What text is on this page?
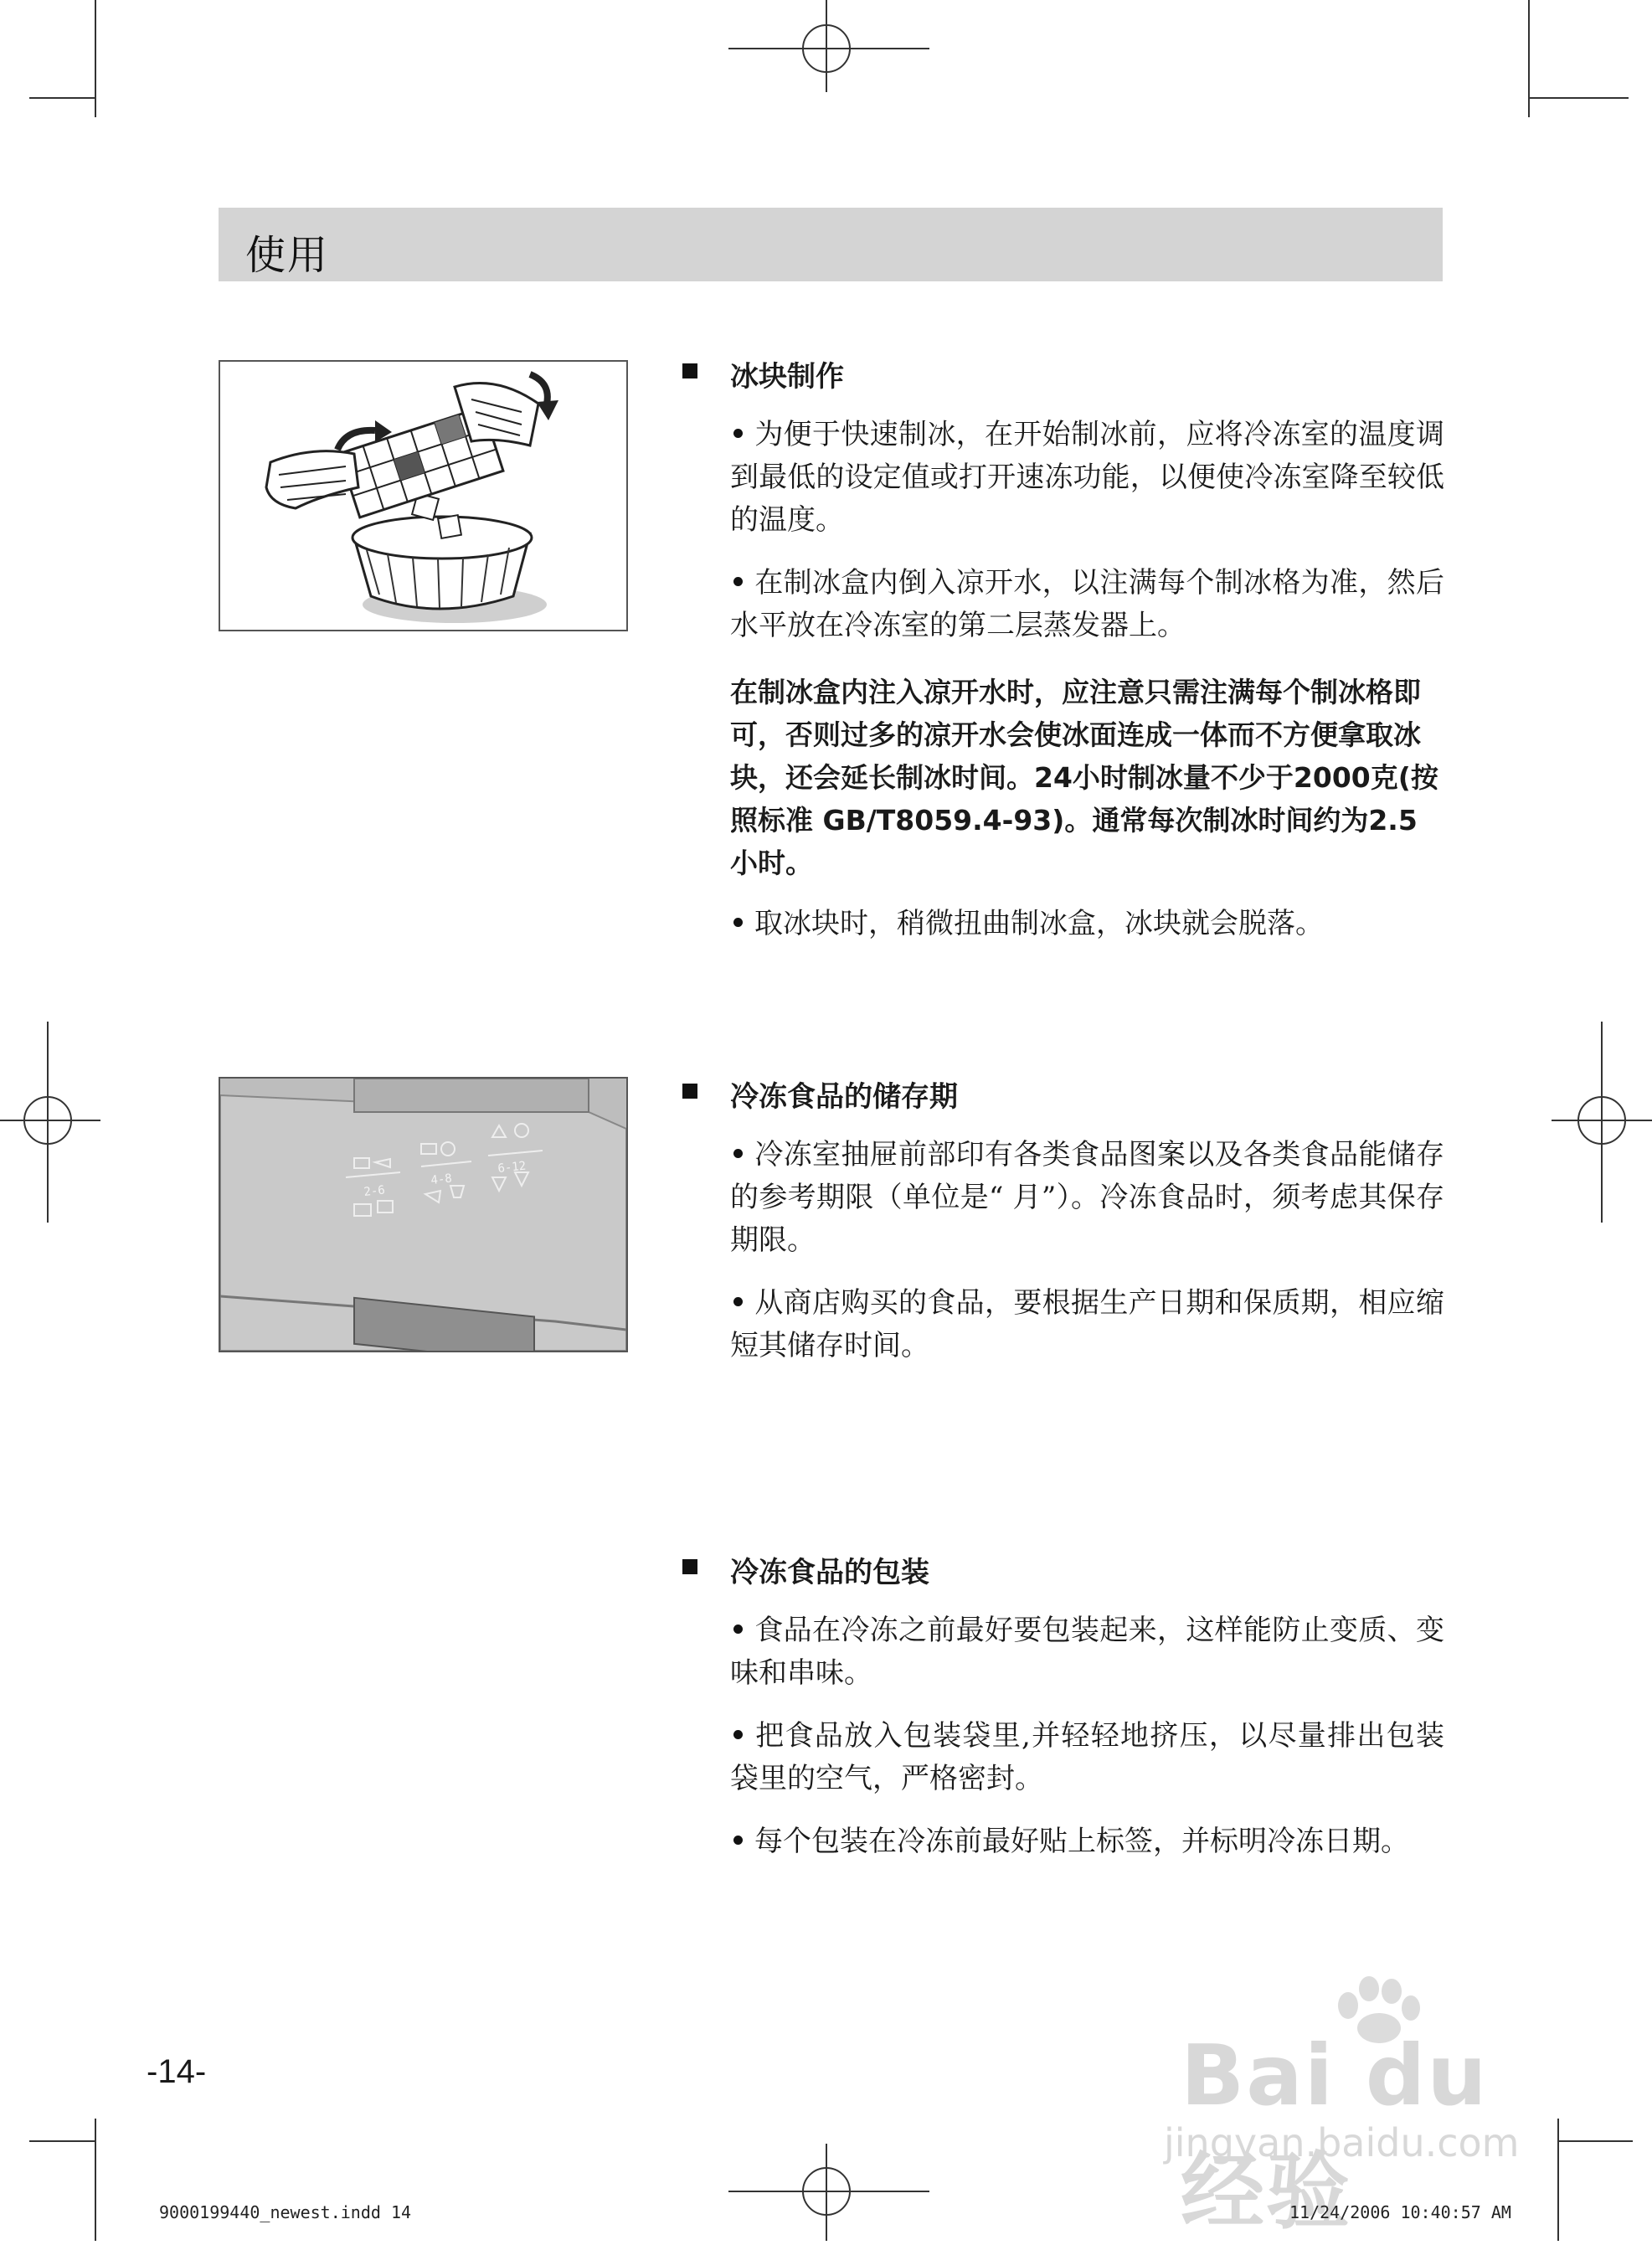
使用
2-6
4-8
6-12
冰块制作
为便于快速制冰，在开始制冰前，应将冷冻室的温度调到最低的设定值或打开速冻功能，以便使冷冻室降至较低的温度。
在制冰盒内倒入凉开水，以注满每个制冰格为准，然后水平放在冷冻室的第二层蒸发器上。
在制冰盒内注入凉开水时，应注意只需注满每个制冰格即可，否则过多的凉开水会使冰面连成一体而不方便拿取冰块，还会延长制冰时间。24小时制冰量不少于2000克(按照标准 GB/T8059.4-93)。通常每次制冰时间约为2.5小时。
取冰块时，稍微扭曲制冰盒，冰块就会脱落。
冷冻食品的储存期
冷冻室抽屉前部印有各类食品图案以及各类食品能储存的参考期限（单位是“ 月”）。冷冻食品时，须考虑其保存期限。
从商店购买的食品，要根据生产日期和保质期，相应缩短其储存时间。
冷冻食品的包装
食品在冷冻之前最好要包装起来，这样能防止变质、变味和串味。
把食品放入包装袋里,并轻轻地挤压，以尽量排出包装袋里的空气，严格密封。
每个包装在冷冻前最好贴上标签，并标明冷冻日期。
-14-	Bai du 经验
jingyan.baidu.com
9000199440_newest.indd 14	11/24/2006 10:40:57 AM
